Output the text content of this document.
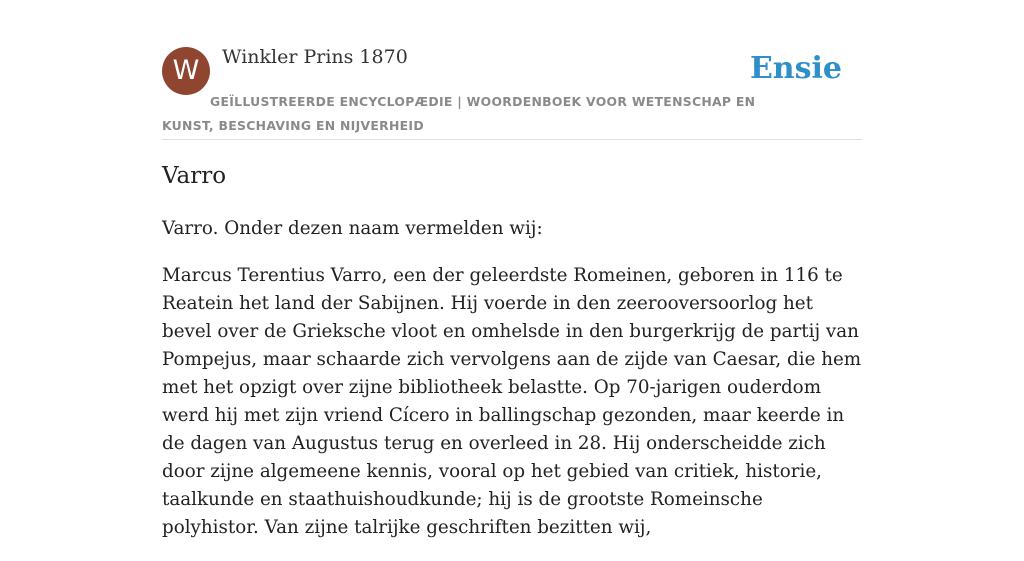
W	Winkler Prins 1870	Ensie
GEÏLLUSTREERDE ENCYCLOPÆDIE | WOORDENBOEK VOOR WETENSCHAP EN KUNST, BESCHAVING EN NIJVERHEID
Varro

Varro. Onder dezen naam vermelden wij:

Marcus Terentius Varro, een der geleerdste Romeinen, geboren in 116 te Reatein het land der Sabijnen. Hij voerde in den zeerooversoorlog het bevel over de Grieksche vloot en omhelsde in den burgerkrijg de partij van Pompejus, maar schaarde zich vervolgens aan de zijde van Caesar, die hem met het opzigt over zijne bibliotheek belastte. Op 70-jarigen ouderdom werd hij met zijn vriend Cícero in ballingschap gezonden, maar keerde in de dagen van Augustus terug en overleed in 28. Hij onderscheidde zich door zijne algemeene kennis, vooral op het gebied van critiek, historie, taalkunde en staathuishoudkunde; hij is de grootste Romeinsche polyhistor. Van zijne talrijke geschriften bezitten wij,
